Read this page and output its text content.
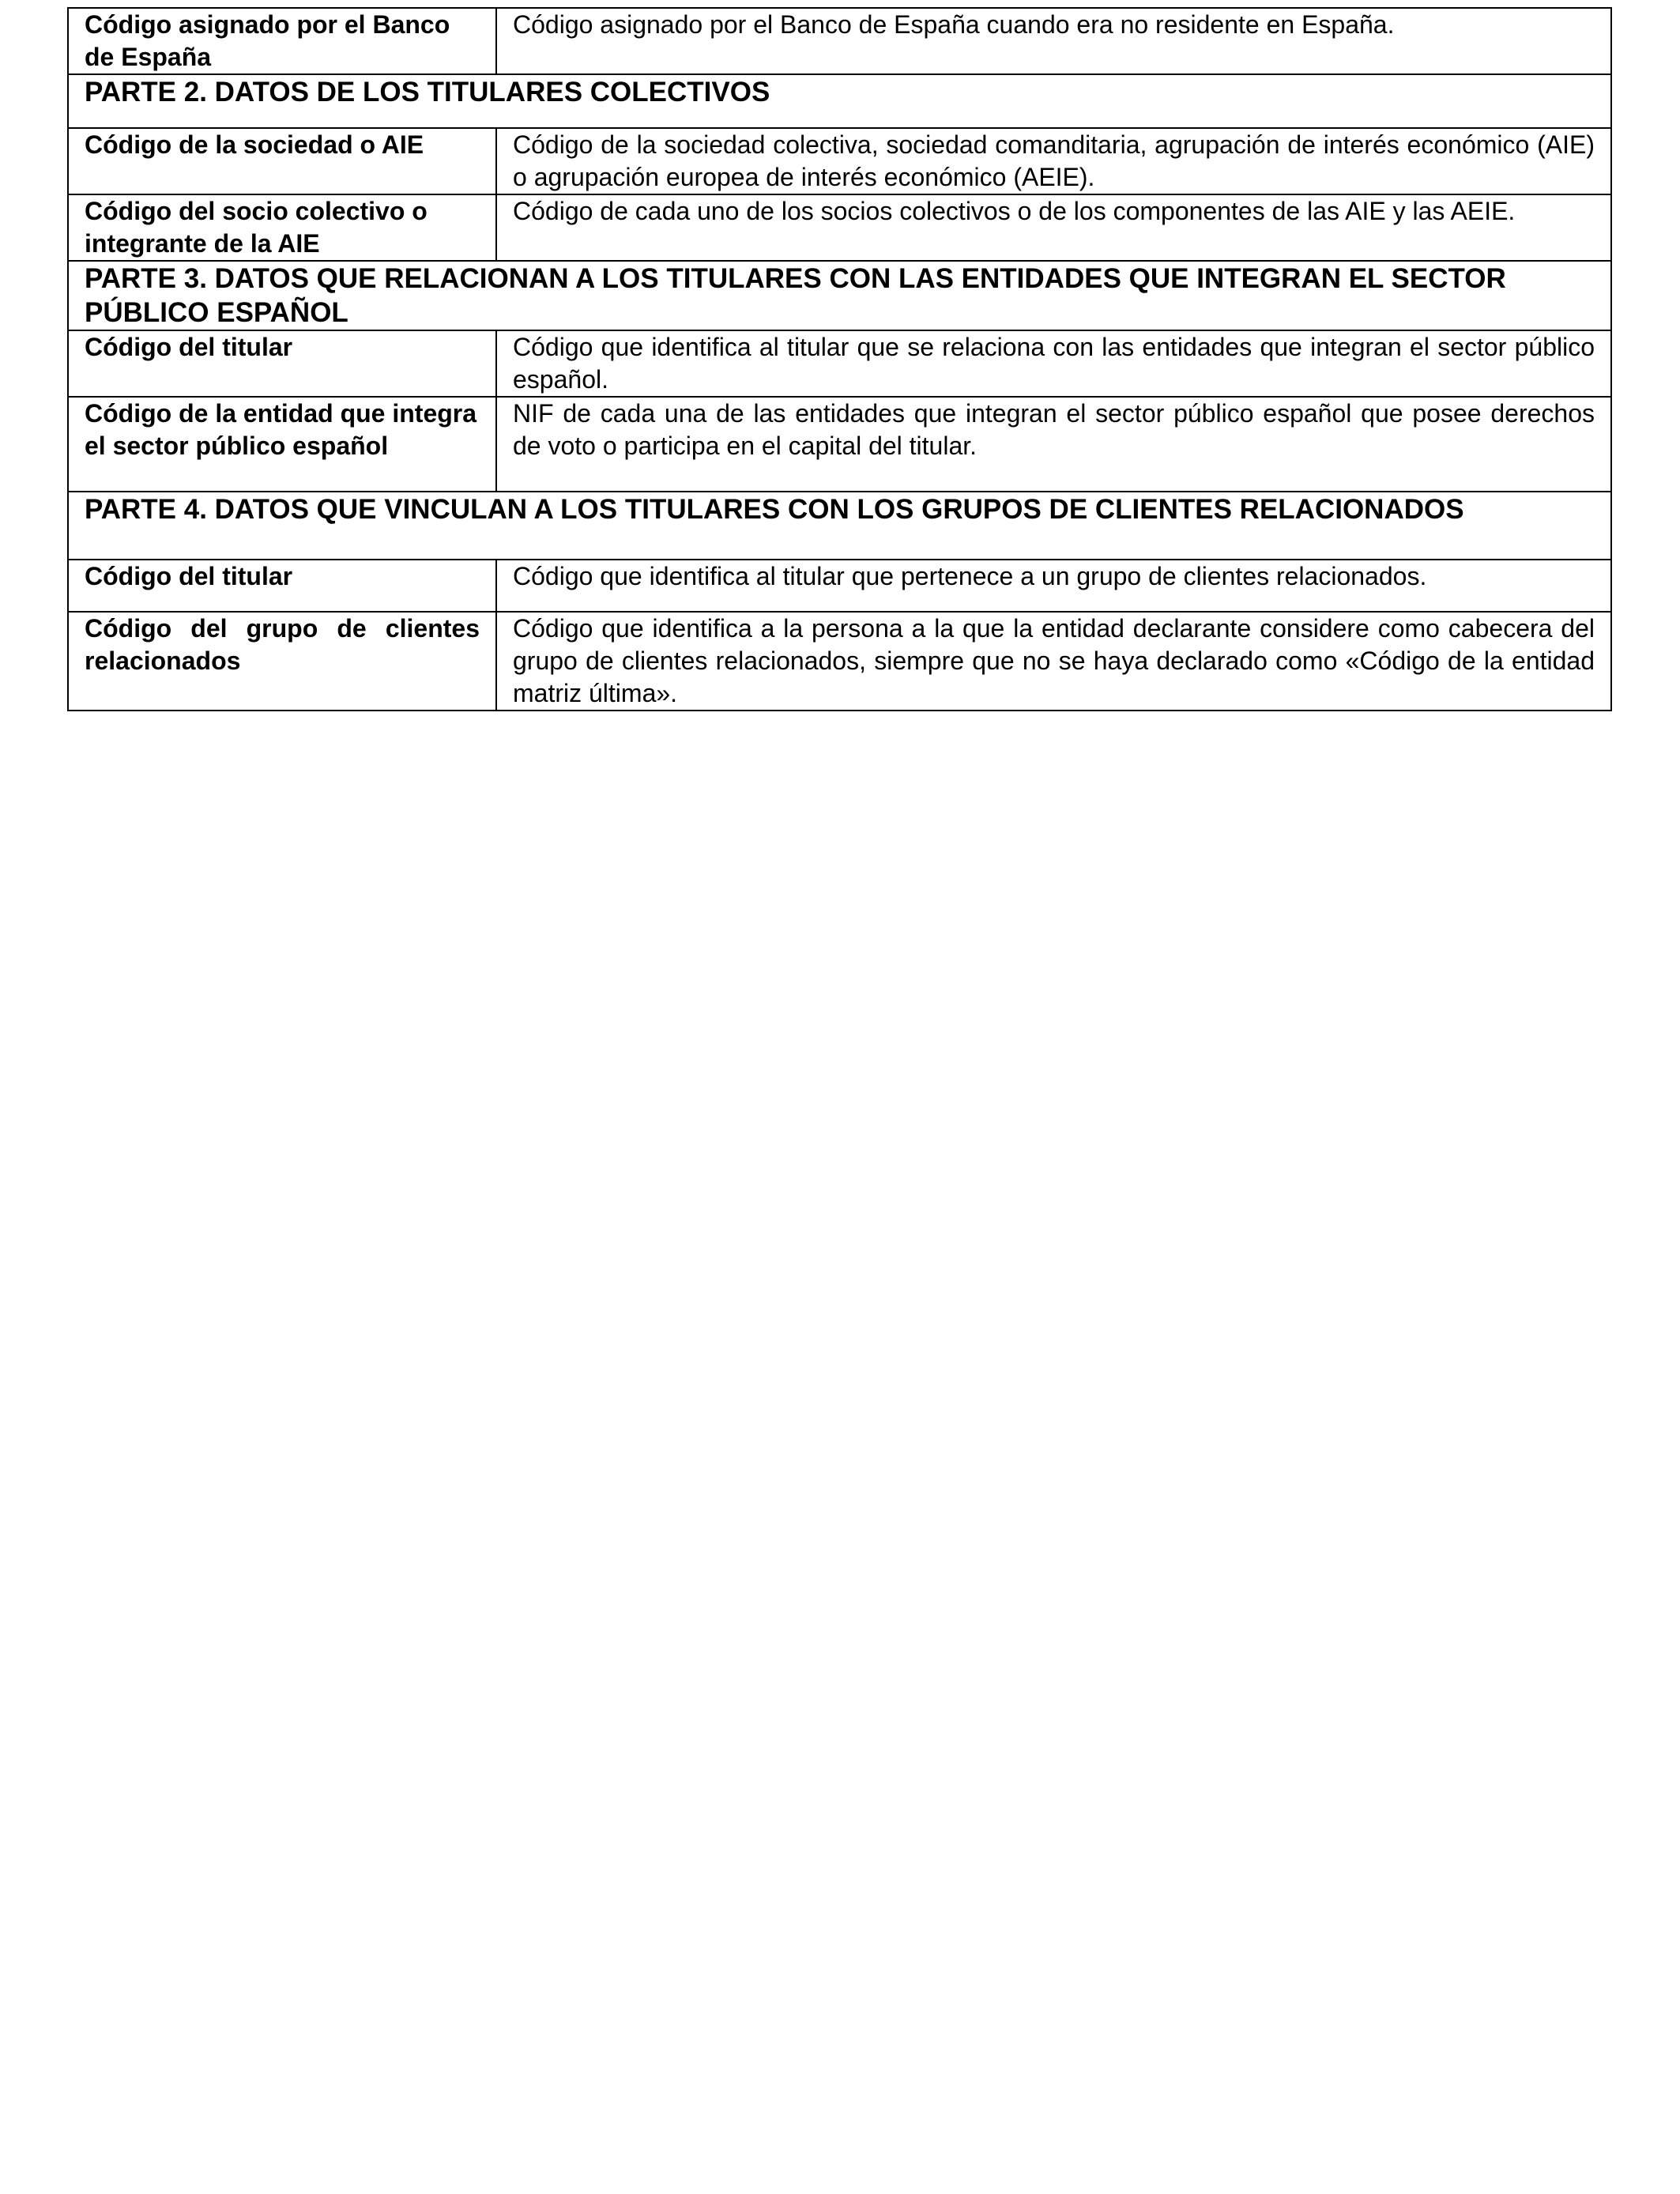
Código asignado por el Banco de España	Código asignado por el Banco de España cuando era no residente en España.
PARTE 2. DATOS DE LOS TITULARES COLECTIVOS	
Código de la sociedad o AIE	Código de la sociedad colectiva, sociedad comanditaria, agrupación de interés económico (AIE) o agrupación europea de interés económico (AEIE).
Código del socio colectivo o integrante de la AIE	Código de cada uno de los socios colectivos o de los componentes de las AIE y las AEIE.
PARTE 3. DATOS QUE RELACIONAN A LOS TITULARES CON LAS ENTIDADES QUE INTEGRAN EL SECTOR PÚBLICO ESPAÑOL	
Código del titular	Código que identifica al titular que se relaciona con las entidades que integran el sector público español.
Código de la entidad que integra el sector público español	NIF de cada una de las entidades que integran el sector público español que posee derechos de voto o participa en el capital del titular.
PARTE 4. DATOS QUE VINCULAN A LOS TITULARES CON LOS GRUPOS DE CLIENTES RELACIONADOS	
Código del titular	Código que identifica al titular que pertenece a un grupo de clientes relacionados.
Código del grupo de clientes relacionados	Código que identifica a la persona a la que la entidad declarante considere como cabecera del grupo de clientes relacionados, siempre que no se haya declarado como «Código de la entidad matriz última».
